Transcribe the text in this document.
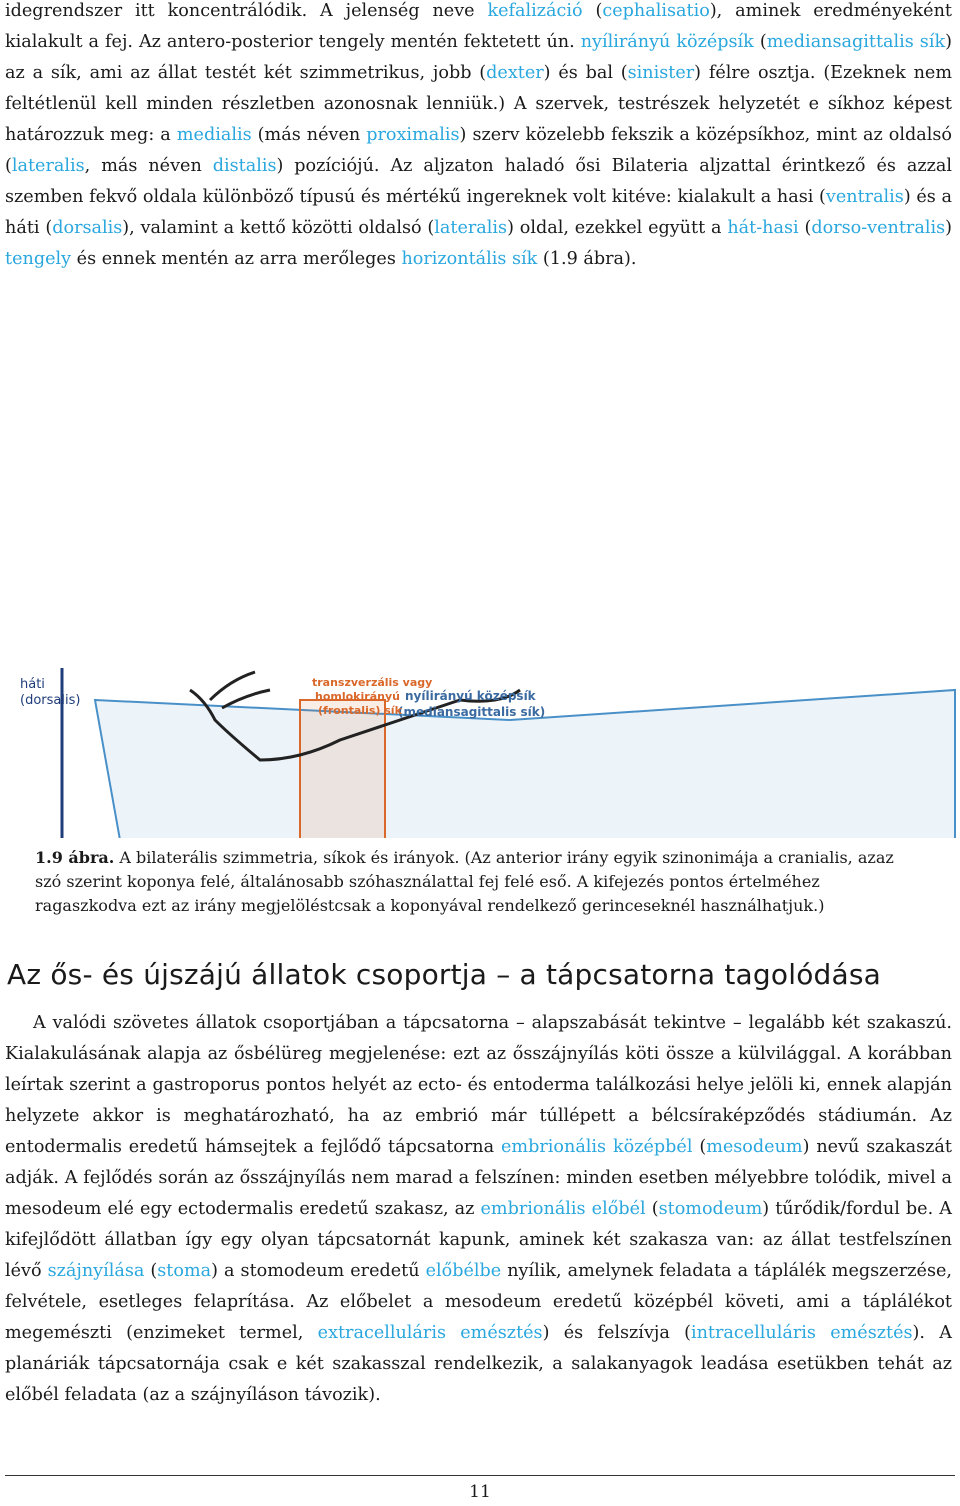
idegrendszer itt koncentrálódik. A jelenség neve kefalizáció (cephalisatio), aminek eredményeként kialakult a fej. Az antero-posterior tengely mentén fektetett ún. nyílirányú középsík (mediansagittalis sík) az a sík, ami az állat testét két szimmetrikus, jobb (dexter) és bal (sinister) félre osztja. (Ezeknek nem feltétlenül kell minden részletben azonosnak lenniük.) A szervek, testrészek helyzetét e síkhoz képest határozzuk meg: a medialis (más néven proximalis) szerv közelebb fekszik a középsíkhoz, mint az oldalsó (lateralis, más néven distalis) pozíciójú. Az aljzaton haladó ősi Bilateria aljzattal érintkező és azzal szemben fekvő oldala különböző típusú és mértékű ingereknek volt kitéve: kialakult a hasi (ventralis) és a háti (dorsalis), valamint a kettő közötti oldalsó (lateralis) oldal, ezekkel együtt a hát-hasi (dorso-ventralis) tengely és ennek mentén az arra merőleges horizontális sík (1.9 ábra).

háti
(dorsalis)	nyílirányú középsík
(mediansagittalis sík)
transzverzális vagy
homlokirányú
(frontalis) sík
1.9 ábra. A bilaterális szimmetria, síkok és irányok. (Az anterior irány egyik szinonimája a cranialis, azaz szó szerint koponya felé, általánosabb szóhasználattal fej felé eső. A kifejezés pontos értelméhez ragaszkodva ezt az irány megjelöléstcsak a koponyával rendelkező gerinceseknél használhatjuk.)
Az ős- és újszájú állatok csoportja – a tápcsatorna tagolódása

A valódi szövetes állatok csoportjában a tápcsatorna – alapszabását tekintve – legalább két szakaszú. Kialakulásának alapja az ősbélüreg megjelenése: ezt az ősszájnyílás köti össze a külvilággal. A korábban leírtak szerint a gastroporus pontos helyét az ecto- és entoderma találkozási helye jelöli ki, ennek alapján helyzete akkor is meghatározható, ha az embrió már túllépett a bélcsíraképződés stádiumán. Az entodermalis eredetű hámsejtek a fejlődő tápcsatorna embrionális középbél (mesodeum) nevű szakaszát adják. A fejlődés során az ősszájnyílás nem marad a felszínen: minden esetben mélyebbre tolódik, mivel a mesodeum elé egy ectodermalis eredetű szakasz, az embrionális előbél (stomodeum) tűrődik/fordul be. A kifejlődött állatban így egy olyan tápcsatornát kapunk, aminek két szakasza van: az állat testfelszínen lévő szájnyílása (stoma) a stomodeum eredetű előbélbe nyílik, amelynek feladata a táplálék megszerzése, felvétele, esetleges felaprítása. Az előbelet a mesodeum eredetű középbél követi, ami a táplálékot megemészti (enzimeket termel, extracelluláris emésztés) és felszívja (intracelluláris emésztés). A planáriák tápcsatornája csak e két szakasszal rendelkezik, a salakanyagok leadása esetükben tehát az előbél feladata (az a szájnyíláson távozik).

11
